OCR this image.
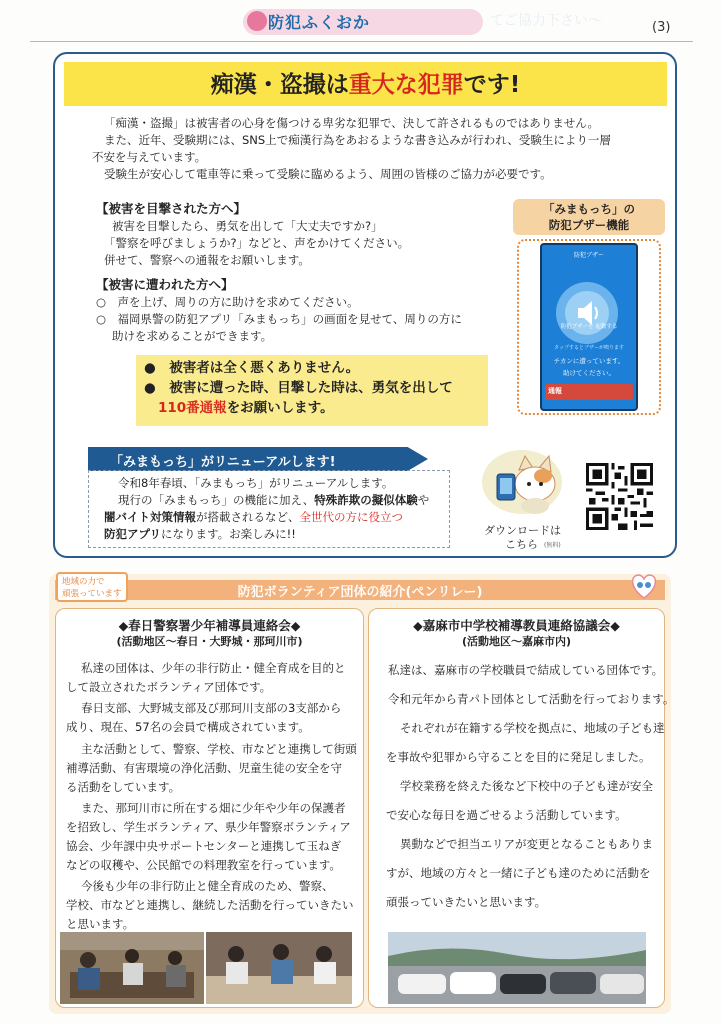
防犯ふくおか	てご協力下さい〜	(3)
痴漢・盗撮は重大な犯罪です!
「痴漢・盗撮」は被害者の心身を傷つける卑劣な犯罪で、決して許されるものではありません。
また、近年、受験期には、SNS上で痴漢行為をあおるような書き込みが行われ、受験生により一層
不安を与えています。
受験生が安心して電車等に乗って受験に臨めるよう、周囲の皆様のご協力が必要です。
【被害を目撃された方へ】
被害を目撃したら、勇気を出して「大丈夫ですか?」
「警察を呼びましょうか?」などと、声をかけてください。
併せて、警察への通報をお願いします。
【被害に遭われた方へ】
○　声を上げ、周りの方に助けを求めてください。
○　福岡県警の防犯アプリ「みまもっち」の画面を見せて、周りの方に
助けを求めることができます。
●　被害者は全く悪くありません。
●　被害に遭った時、目撃した時は、勇気を出して
110番通報をお願いします。
「みまもっち」の
防犯ブザー機能
防犯ブザー
防犯ブザーを 起動する
タップするとブザーが鳴ります
チカンに遭っています。
助けてください。
通報
「みまもっち」がリニューアルします!
令和8年春頃、「みまもっち」がリニューアルします。
現行の「みまもっち」の機能に加え、特殊詐欺の擬似体験や
闇バイト対策情報が搭載されるなど、全世代の方に役立つ
防犯アプリになります。お楽しみに!!	ダウンロードは
こちら (無料)
防犯ボランティア団体の紹介(ペンリレー)
地域の力で
頑張っています
◆春日警察署少年補導員連絡会◆
(活動地区～春日・大野城・那珂川市)
私達の団体は、少年の非行防止・健全育成を目的と
して設立されたボランティア団体です。
春日支部、大野城支部及び那珂川支部の3支部から
成り、現在、57名の会員で構成されています。
主な活動として、警察、学校、市などと連携して街頭
補導活動、有害環境の浄化活動、児童生徒の安全を守
る活動をしています。
また、那珂川市に所在する畑に少年や少年の保護者
を招致し、学生ボランティア、県少年警察ボランティア
協会、少年課中央サポートセンターと連携して玉ねぎ
などの収穫や、公民館での料理教室を行っています。
今後も少年の非行防止と健全育成のため、警察、
学校、市などと連携し、継続した活動を行っていきたい
と思います。
◆嘉麻市中学校補導教員連絡協議会◆
(活動地区～嘉麻市内)
私達は、嘉麻市の学校職員で結成している団体です。
令和元年から青パト団体として活動を行っております。
それぞれが在籍する学校を拠点に、地域の子ども達
を事故や犯罪から守ることを目的に発足しました。
学校業務を終えた後など下校中の子ども達が安全
で安心な毎日を過ごせるよう活動しています。
異動などで担当エリアが変更となることもありま
すが、地域の方々と一緒に子ども達のために活動を
頑張っていきたいと思います。
